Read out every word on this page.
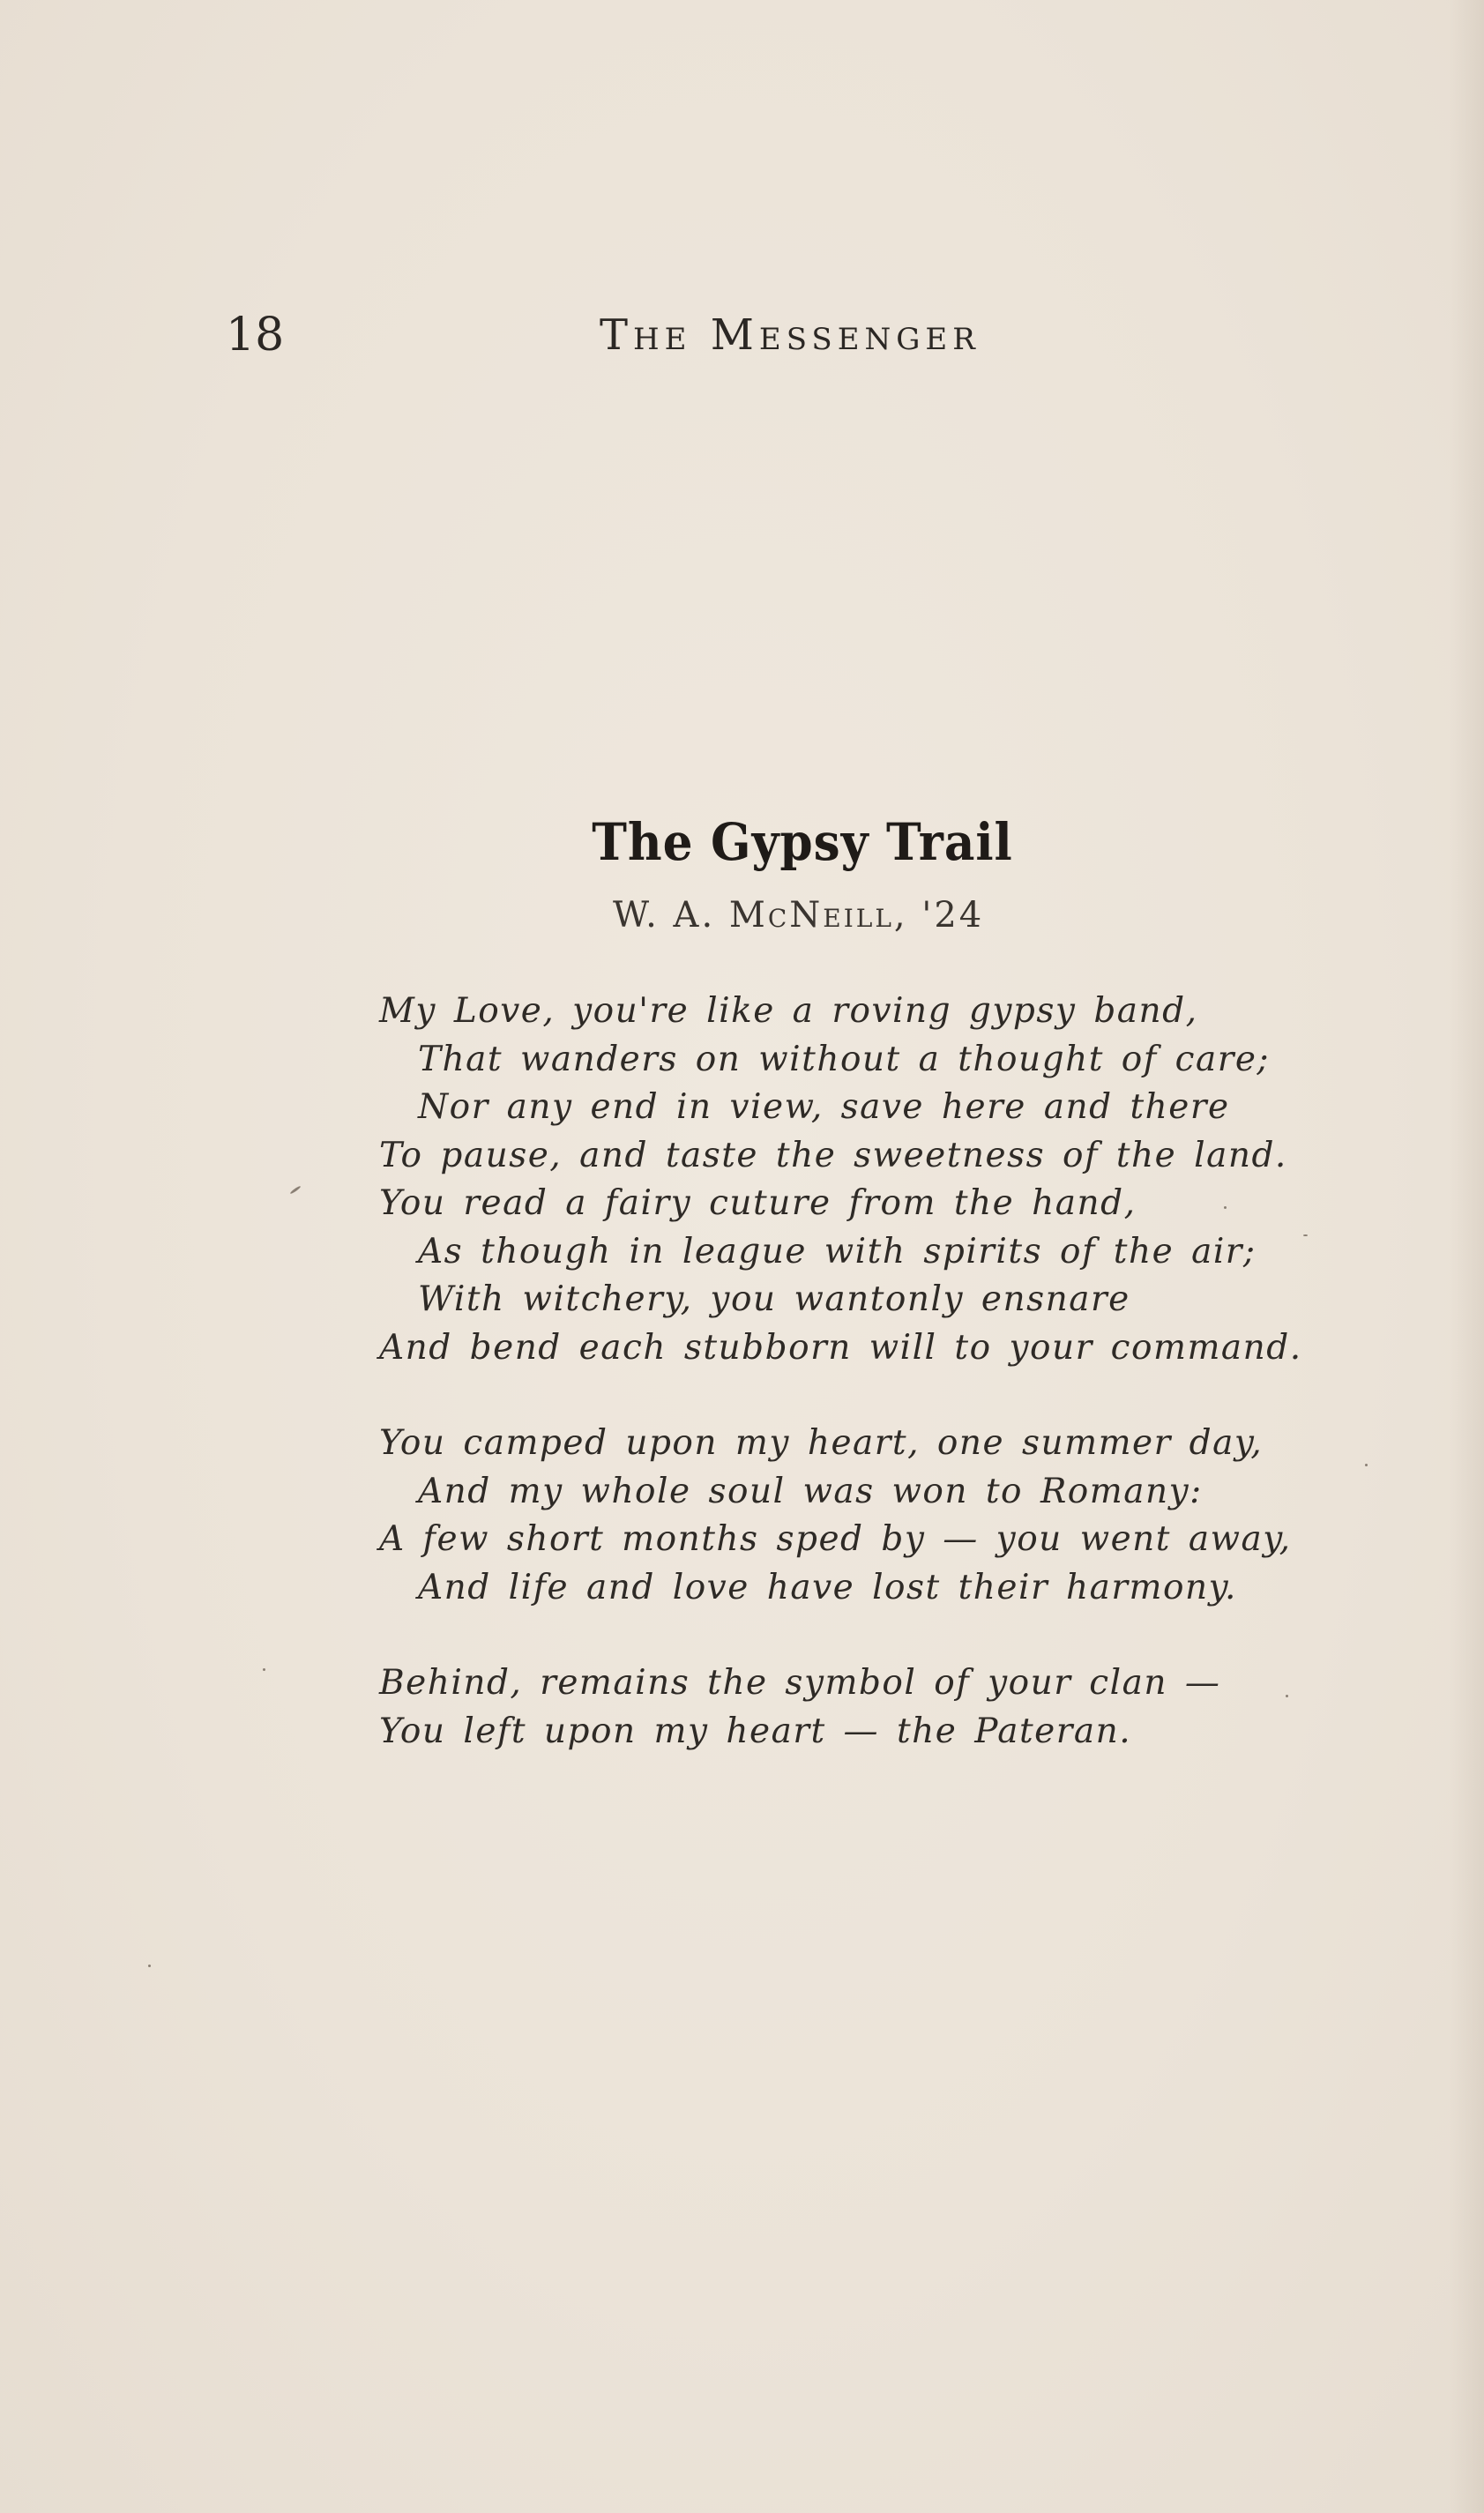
18	The Messenger
The Gypsy Trail
W. A. McNeill, '24
My Love, you're like a roving gypsy band,
That wanders on without a thought of care;
Nor any end in view, save here and there
To pause, and taste the sweetness of the land.
You read a fairy cuture from the hand,
As though in league with spirits of the air;
With witchery, you wantonly ensnare
And bend each stubborn will to your command.
You camped upon my heart, one summer day,
And my whole soul was won to Romany:
A few short months sped by — you went away,
And life and love have lost their harmony.
Behind, remains the symbol of your clan —
You left upon my heart — the Pateran.
